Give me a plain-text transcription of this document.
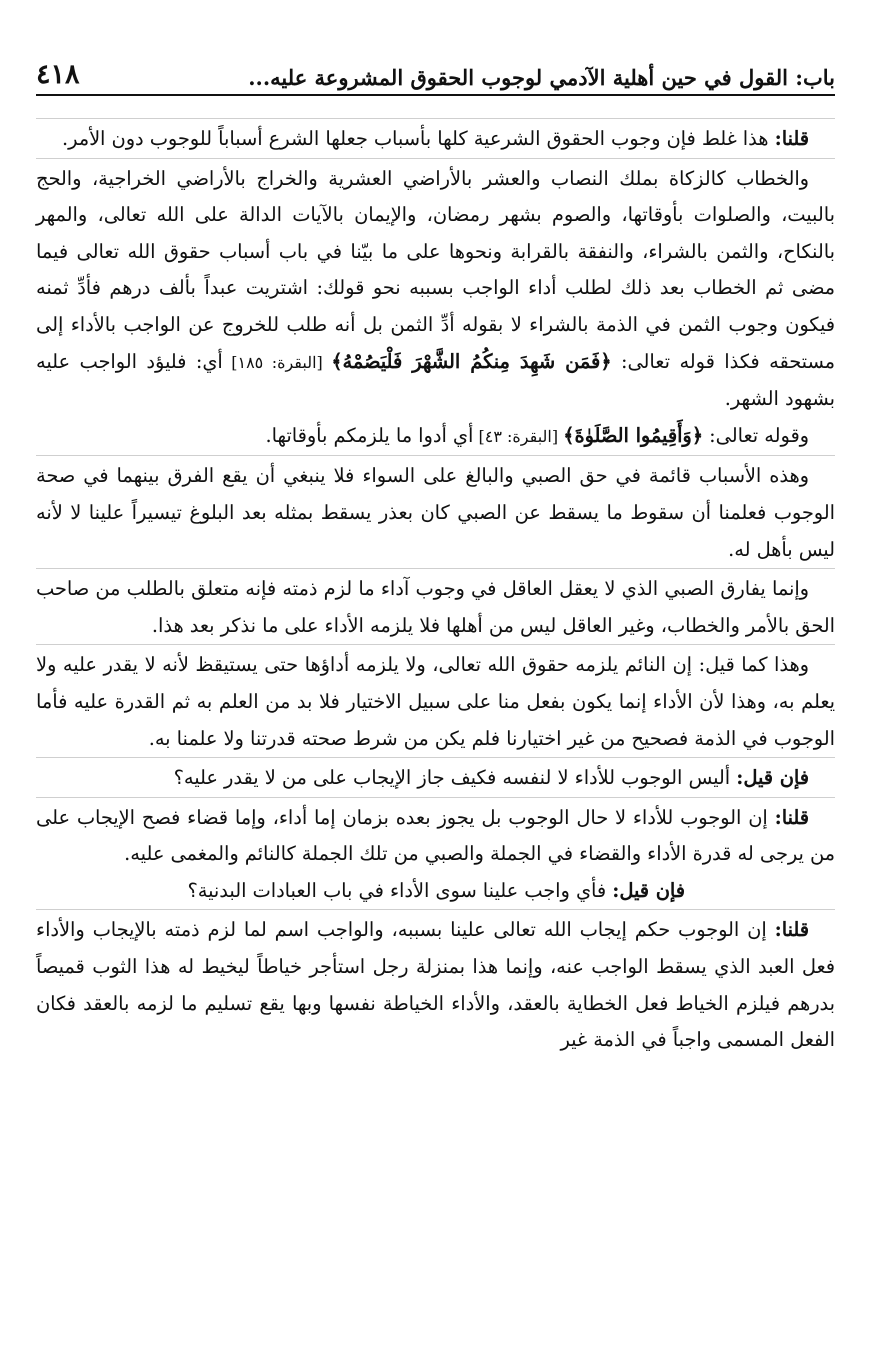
باب: القول في حين أهلية الآدمي لوجوب الحقوق المشروعة عليه...
٤١٨

قلنا: هذا غلط فإن وجوب الحقوق الشرعية كلها بأسباب جعلها الشرع أسباباً للوجوب دون الأمر.

والخطاب كالزكاة بملك النصاب والعشر بالأراضي العشرية والخراج بالأراضي الخراجية، والحج بالبيت، والصلوات بأوقاتها، والصوم بشهر رمضان، والإيمان بالآيات الدالة على الله تعالى، والمهر بالنكاح، والثمن بالشراء، والنفقة بالقرابة ونحوها على ما بيّنا في باب أسباب حقوق الله تعالى فيما مضى ثم الخطاب بعد ذلك لطلب أداء الواجب بسببه نحو قولك: اشتريت عبداً بألف درهم فأدِّ ثمنه فيكون وجوب الثمن في الذمة بالشراء لا بقوله أدِّ الثمن بل أنه طلب للخروج عن الواجب بالأداء إلى مستحقه فكذا قوله تعالى: ﴿فَمَن شَهِدَ مِنكُمُ الشَّهْرَ فَلْيَصُمْهُ﴾ [البقرة: ١٨٥] أي: فليؤد الواجب عليه بشهود الشهر.

وقوله تعالى: ﴿وَأَقِيمُوا الصَّلَوٰةَ﴾ [البقرة: ٤٣] أي أدوا ما يلزمكم بأوقاتها.

وهذه الأسباب قائمة في حق الصبي والبالغ على السواء فلا ينبغي أن يقع الفرق بينهما في صحة الوجوب فعلمنا أن سقوط ما يسقط عن الصبي كان بعذر يسقط بمثله بعد البلوغ تيسيراً علينا لا لأنه ليس بأهل له.

وإنما يفارق الصبي الذي لا يعقل العاقل في وجوب آداء ما لزم ذمته فإنه متعلق بالطلب من صاحب الحق بالأمر والخطاب، وغير العاقل ليس من أهلها فلا يلزمه الأداء على ما نذكر بعد هذا.

وهذا كما قيل: إن النائم يلزمه حقوق الله تعالى، ولا يلزمه أداؤها حتى يستيقظ لأنه لا يقدر عليه ولا يعلم به، وهذا لأن الأداء إنما يكون بفعل منا على سبيل الاختيار فلا بد من العلم به ثم القدرة عليه فأما الوجوب في الذمة فصحيح من غير اختيارنا فلم يكن من شرط صحته قدرتنا ولا علمنا به.

فإن قيل: أليس الوجوب للأداء لا لنفسه فكيف جاز الإيجاب على من لا يقدر عليه؟

قلنا: إن الوجوب للأداء لا حال الوجوب بل يجوز بعده بزمان إما أداء، وإما قضاء فصح الإيجاب على من يرجى له قدرة الأداء والقضاء في الجملة والصبي من تلك الجملة كالنائم والمغمى عليه.

فإن قيل: فأي واجب علينا سوى الأداء في باب العبادات البدنية؟

قلنا: إن الوجوب حكم إيجاب الله تعالى علينا بسببه، والواجب اسم لما لزم ذمته بالإيجاب والأداء فعل العبد الذي يسقط الواجب عنه، وإنما هذا بمنزلة رجل استأجر خياطاً ليخيط له هذا الثوب قميصاً بدرهم فيلزم الخياط فعل الخطاية بالعقد، والأداء الخياطة نفسها وبها يقع تسليم ما لزمه بالعقد فكان الفعل المسمى واجباً في الذمة غير
